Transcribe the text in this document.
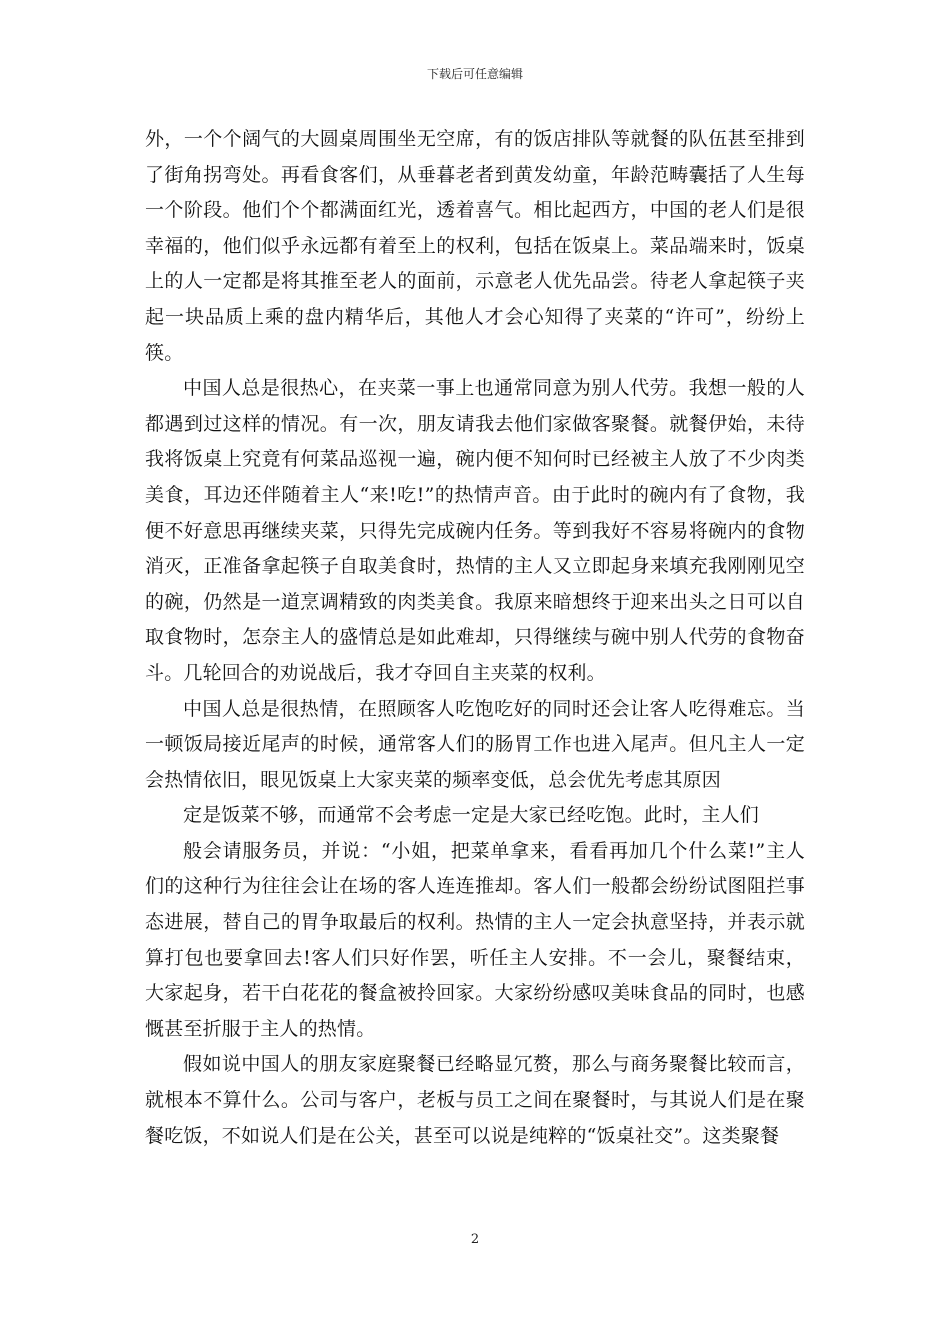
下载后可任意编辑

外，一个个阔气的大圆桌周围坐无空席，有的饭店排队等就餐的队伍甚至排到了街角拐弯处。再看食客们，从垂暮老者到黄发幼童，年龄范畴囊括了人生每一个阶段。他们个个都满面红光，透着喜气。相比起西方，中国的老人们是很幸福的，他们似乎永远都有着至上的权利，包括在饭桌上。菜品端来时，饭桌上的人一定都是将其推至老人的面前，示意老人优先品尝。待老人拿起筷子夹起一块品质上乘的盘内精华后，其他人才会心知得了夹菜的“许可”，纷纷上筷。

中国人总是很热心，在夹菜一事上也通常同意为别人代劳。我想一般的人都遇到过这样的情况。有一次，朋友请我去他们家做客聚餐。就餐伊始，未待我将饭桌上究竟有何菜品巡视一遍，碗内便不知何时已经被主人放了不少肉类美食，耳边还伴随着主人“来!吃!”的热情声音。由于此时的碗内有了食物，我便不好意思再继续夹菜，只得先完成碗内任务。等到我好不容易将碗内的食物消灭，正准备拿起筷子自取美食时，热情的主人又立即起身来填充我刚刚见空的碗，仍然是一道烹调精致的肉类美食。我原来暗想终于迎来出头之日可以自取食物时，怎奈主人的盛情总是如此难却，只得继续与碗中别人代劳的食物奋斗。几轮回合的劝说战后，我才夺回自主夹菜的权利。

中国人总是很热情，在照顾客人吃饱吃好的同时还会让客人吃得难忘。当一顿饭局接近尾声的时候，通常客人们的肠胃工作也进入尾声。但凡主人一定会热情依旧，眼见饭桌上大家夹菜的频率变低，总会优先考虑其原因

定是饭菜不够，而通常不会考虑一定是大家已经吃饱。此时，主人们

般会请服务员，并说：“小姐，把菜单拿来，看看再加几个什么菜!”主人们的这种行为往往会让在场的客人连连推却。客人们一般都会纷纷试图阻拦事态进展，替自己的胃争取最后的权利。热情的主人一定会执意坚持，并表示就算打包也要拿回去!客人们只好作罢，听任主人安排。不一会儿，聚餐结束，大家起身，若干白花花的餐盒被拎回家。大家纷纷感叹美味食品的同时，也感慨甚至折服于主人的热情。

假如说中国人的朋友家庭聚餐已经略显冗赘，那么与商务聚餐比较而言，就根本不算什么。公司与客户，老板与员工之间在聚餐时，与其说人们是在聚餐吃饭，不如说人们是在公关，甚至可以说是纯粹的“饭桌社交”。这类聚餐

2
